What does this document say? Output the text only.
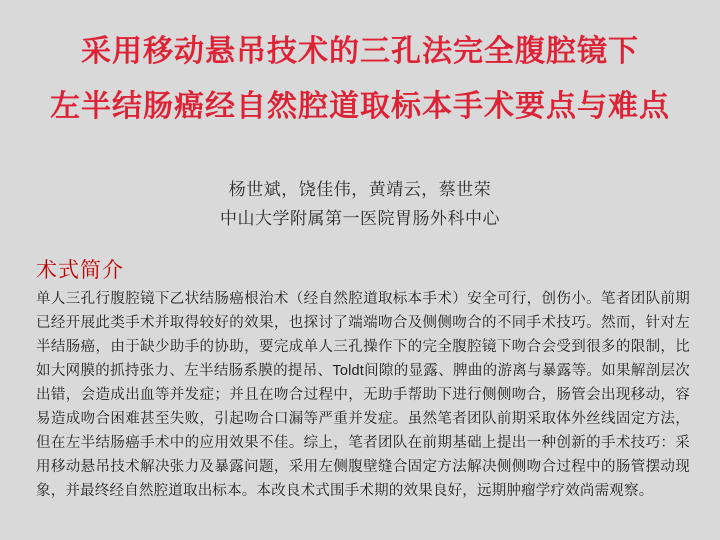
采用移动悬吊技术的三孔法完全腹腔镜下
左半结肠癌经自然腔道取标本手术要点与难点
杨世斌，饶佳伟，黄靖云，蔡世荣
中山大学附属第一医院胃肠外科中心
术式简介
单人三孔行腹腔镜下乙状结肠癌根治术（经自然腔道取标本手术）安全可行，创伤小。笔者团队前期已经开展此类手术并取得较好的效果，也探讨了端端吻合及侧侧吻合的不同手术技巧。然而，针对左半结肠癌，由于缺少助手的协助，要完成单人三孔操作下的完全腹腔镜下吻合会受到很多的限制，比如大网膜的抓持张力、左半结肠系膜的提吊、Toldt间隙的显露、脾曲的游离与暴露等。如果解剖层次出错，会造成出血等并发症；并且在吻合过程中，无助手帮助下进行侧侧吻合，肠管会出现移动，容易造成吻合困难甚至失败，引起吻合口漏等严重并发症。虽然笔者团队前期采取体外丝线固定方法，但在左半结肠癌手术中的应用效果不佳。综上，笔者团队在前期基础上提出一种创新的手术技巧：采用移动悬吊技术解决张力及暴露问题，采用左侧腹壁缝合固定方法解决侧侧吻合过程中的肠管摆动现象，并最终经自然腔道取出标本。本改良术式围手术期的效果良好，远期肿瘤学疗效尚需观察。
